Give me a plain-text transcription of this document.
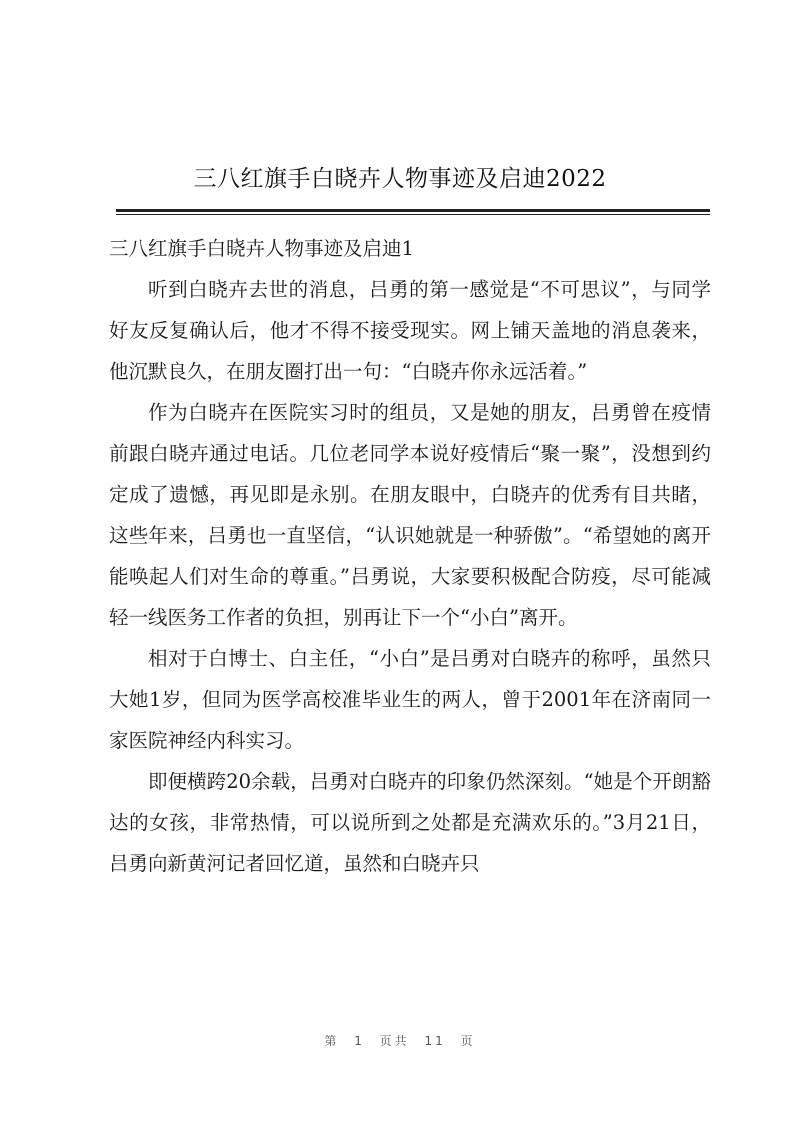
三八红旗手白晓卉人物事迹及启迪2022

三八红旗手白晓卉人物事迹及启迪1

听到白晓卉去世的消息，吕勇的第一感觉是“不可思议”，与同学好友反复确认后，他才不得不接受现实。网上铺天盖地的消息袭来，他沉默良久，在朋友圈打出一句：“白晓卉你永远活着。”

作为白晓卉在医院实习时的组员，又是她的朋友，吕勇曾在疫情前跟白晓卉通过电话。几位老同学本说好疫情后“聚一聚”，没想到约定成了遗憾，再见即是永别。在朋友眼中，白晓卉的优秀有目共睹，这些年来，吕勇也一直坚信，“认识她就是一种骄傲”。“希望她的离开能唤起人们对生命的尊重。”吕勇说，大家要积极配合防疫，尽可能减轻一线医务工作者的负担，别再让下一个“小白”离开。

相对于白博士、白主任，“小白”是吕勇对白晓卉的称呼，虽然只大她1岁，但同为医学高校准毕业生的两人，曾于2001年在济南同一家医院神经内科实习。

即便横跨20余载，吕勇对白晓卉的印象仍然深刻。“她是个开朗豁达的女孩，非常热情，可以说所到之处都是充满欢乐的。”3月21日，吕勇向新黄河记者回忆道，虽然和白晓卉只

第 1 页共 11 页
